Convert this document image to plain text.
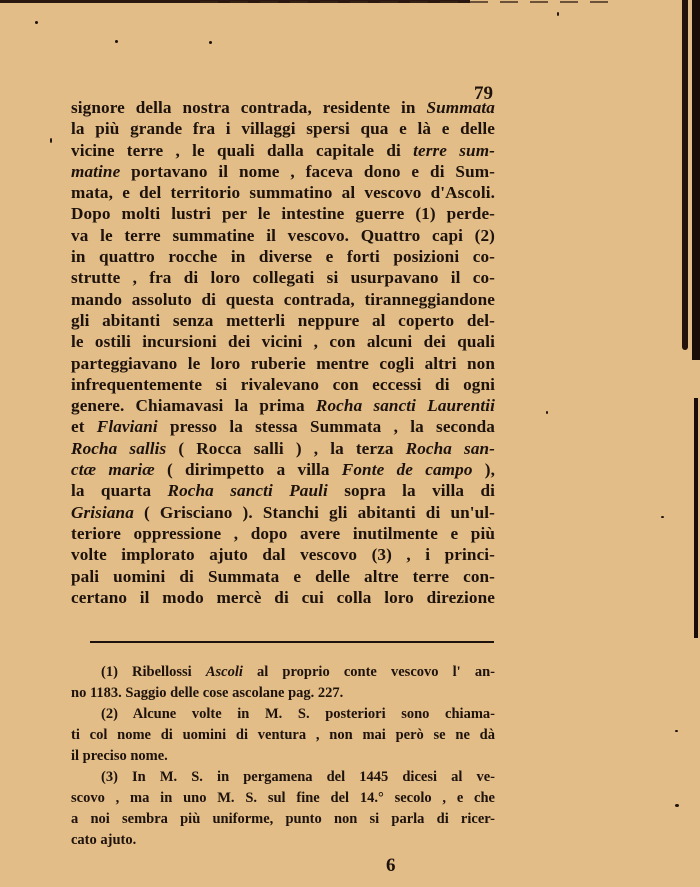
79
signore della nostra contrada, residente in Summata
la più grande fra i villaggi spersi qua e là e delle
vicine terre , le quali dalla capitale di terre sum-
matine portavano il nome , faceva dono e di Sum-
mata, e del territorio summatino al vescovo d'Ascoli.
Dopo molti lustri per le intestine guerre (1) perde-
va le terre summatine il vescovo. Quattro capi (2)
in quattro rocche in diverse e forti posizioni co-
strutte , fra di loro collegati si usurpavano il co-
mando assoluto di questa contrada, tiranneggiandone
gli abitanti senza metterli neppure al coperto del-
le ostili incursioni dei vicini , con alcuni dei quali
parteggiavano le loro ruberie mentre cogli altri non
infrequentemente si rivalevano con eccessi di ogni
genere. Chiamavasi la prima Rocha sancti Laurentii
et Flaviani presso la stessa Summata , la seconda
Rocha sallis ( Rocca salli ) , la terza Rocha san-
ctæ mariæ ( dirimpetto a villa Fonte de campo ),
la quarta Rocha sancti Pauli sopra la villa di
Grisiana ( Grisciano ). Stanchi gli abitanti di un'ul-
teriore oppressione , dopo avere inutilmente e più
volte implorato ajuto dal vescovo (3) , i princi-
pali uomini di Summata e delle altre terre con-
certano il modo mercè di cui colla loro direzione
(1) Ribellossi Ascoli al proprio conte vescovo l' an-
no 1183. Saggio delle cose ascolane pag. 227.
(2) Alcune volte in M. S. posteriori sono chiama-
ti col nome di uomini di ventura , non mai però se ne dà
il preciso nome.
(3) In M. S. in pergamena del 1445 dicesi al ve-
scovo , ma in uno M. S. sul fine del 14.° secolo , e che
a noi sembra più uniforme, punto non si parla di ricer-
cato ajuto.
6
